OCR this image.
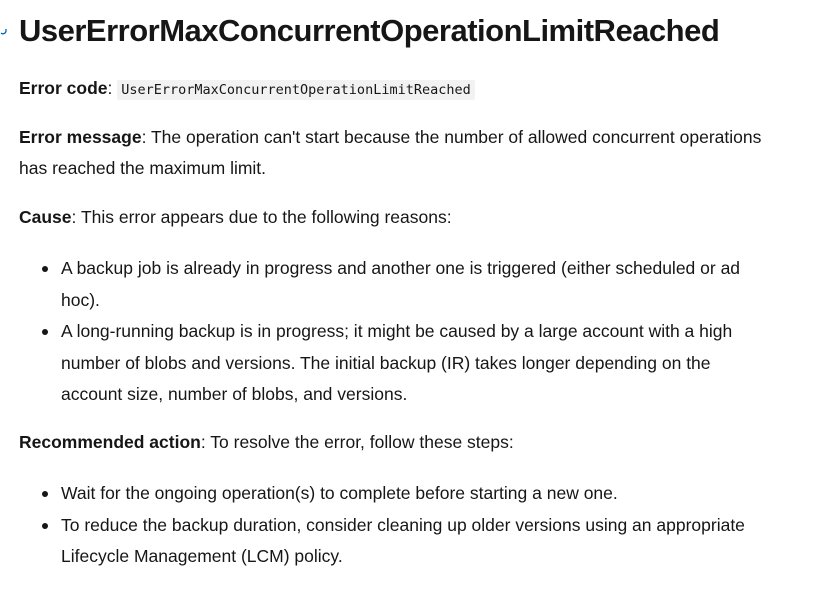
UserErrorMaxConcurrentOperationLimitReached

Error code: UserErrorMaxConcurrentOperationLimitReached

Error message: The operation can't start because the number of allowed concurrent operations
has reached the maximum limit.

Cause: This error appears due to the following reasons:

A backup job is already in progress and another one is triggered (either scheduled or ad
hoc).
A long-running backup is in progress; it might be caused by a large account with a high
number of blobs and versions. The initial backup (IR) takes longer depending on the
account size, number of blobs, and versions.

Recommended action: To resolve the error, follow these steps:

Wait for the ongoing operation(s) to complete before starting a new one.
To reduce the backup duration, consider cleaning up older versions using an appropriate
Lifecycle Management (LCM) policy.
